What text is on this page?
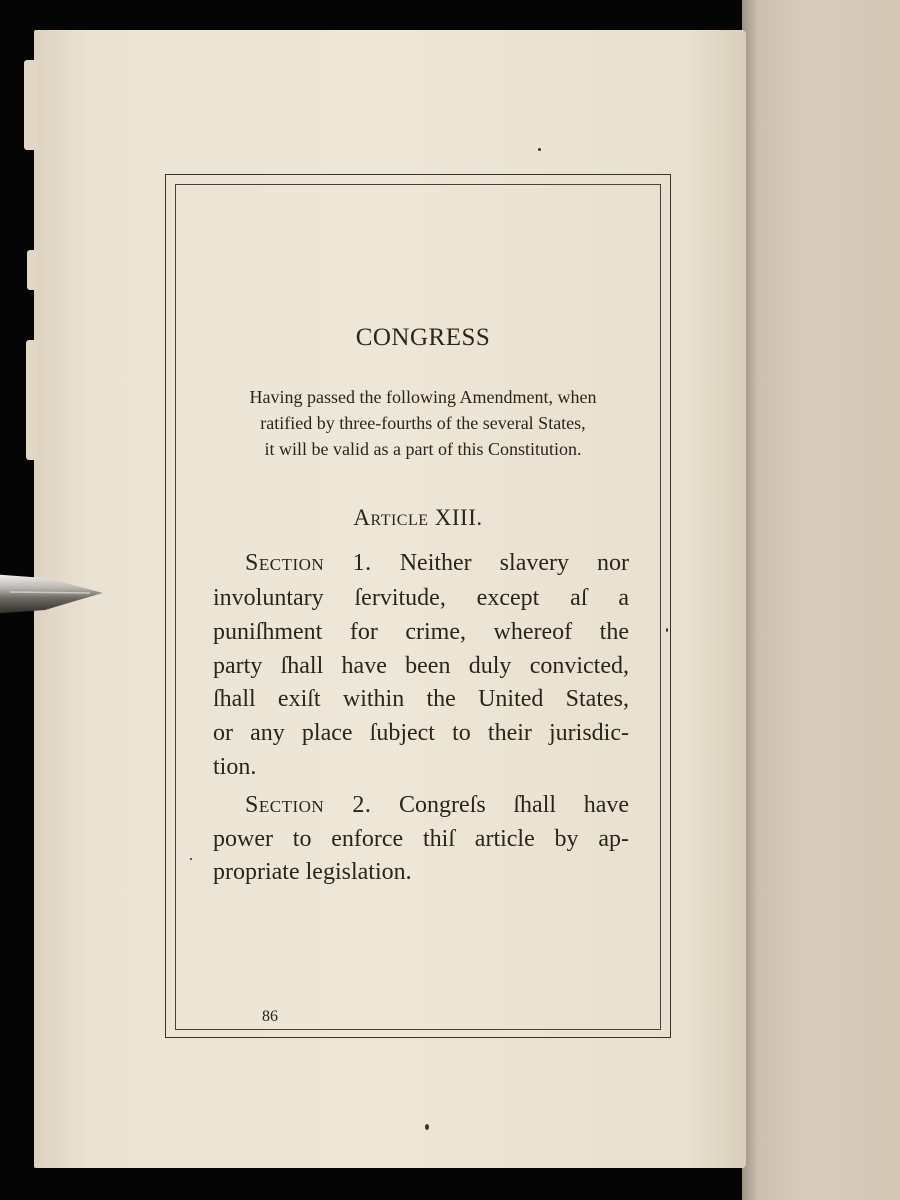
CONGRESS
Having passed the following Amendment, when
ratified by three-fourths of the several States,
it will be valid as a part of this Constitution.
Article XIII.
Section 1. Neither slavery nor
involuntary ſervitude, except aſ a
puniſhment for crime, whereof the
party ſhall have been duly convicted,
ſhall exiſt within the United States,
or any place ſubject to their jurisdic-
tion.
Section 2. Congreſs ſhall have
power to enforce thiſ article by ap-
propriate legislation.
86
